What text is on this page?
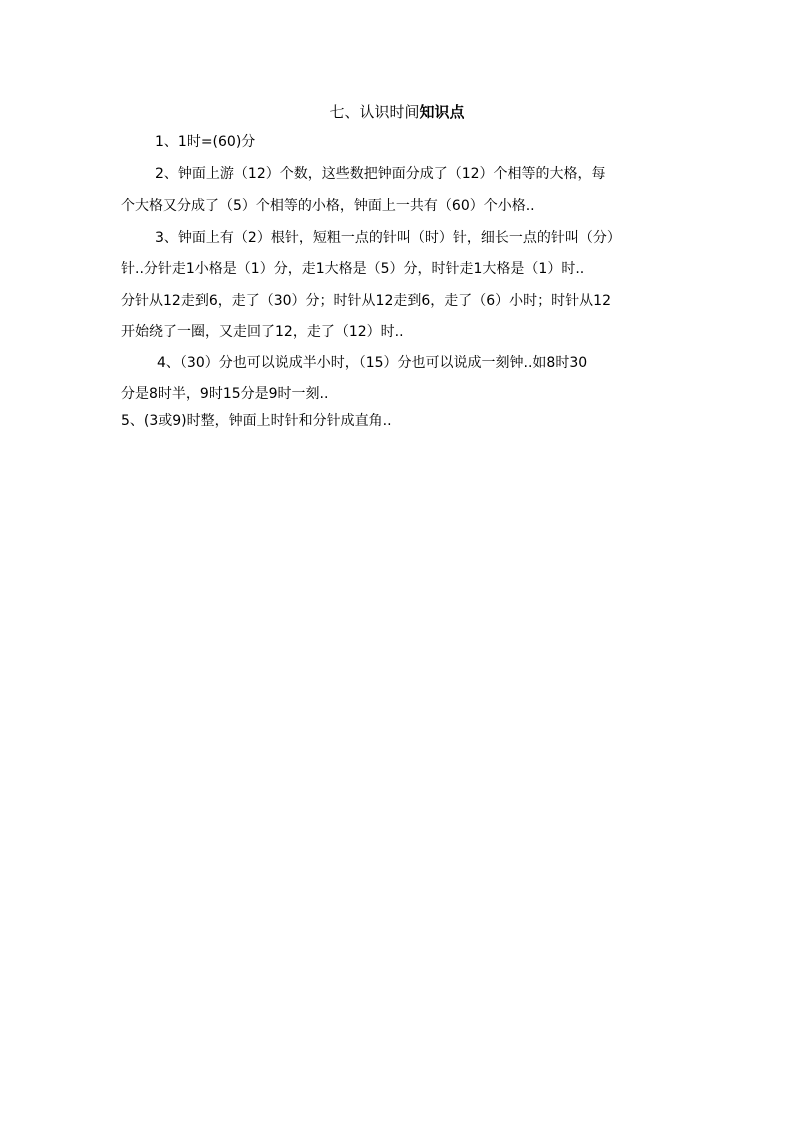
七、认识时间知识点
1、1时=(60)分
2、钟面上游（12）个数，这些数把钟面分成了（12）个相等的大格，每
个大格又分成了（5）个相等的小格，钟面上一共有（60）个小格..
3、钟面上有（2）根针，短粗一点的针叫（时）针，细长一点的针叫（分）
针..分针走1小格是（1）分，走1大格是（5）分，时针走1大格是（1）时..
分针从12走到6，走了（30）分；时针从12走到6，走了（6）小时；时针从12
开始绕了一圈，又走回了12，走了（12）时..
4、（30）分也可以说成半小时，（15）分也可以说成一刻钟..如8时30
分是8时半，9时15分是9时一刻..
5、(3或9)时整，钟面上时针和分针成直角..
